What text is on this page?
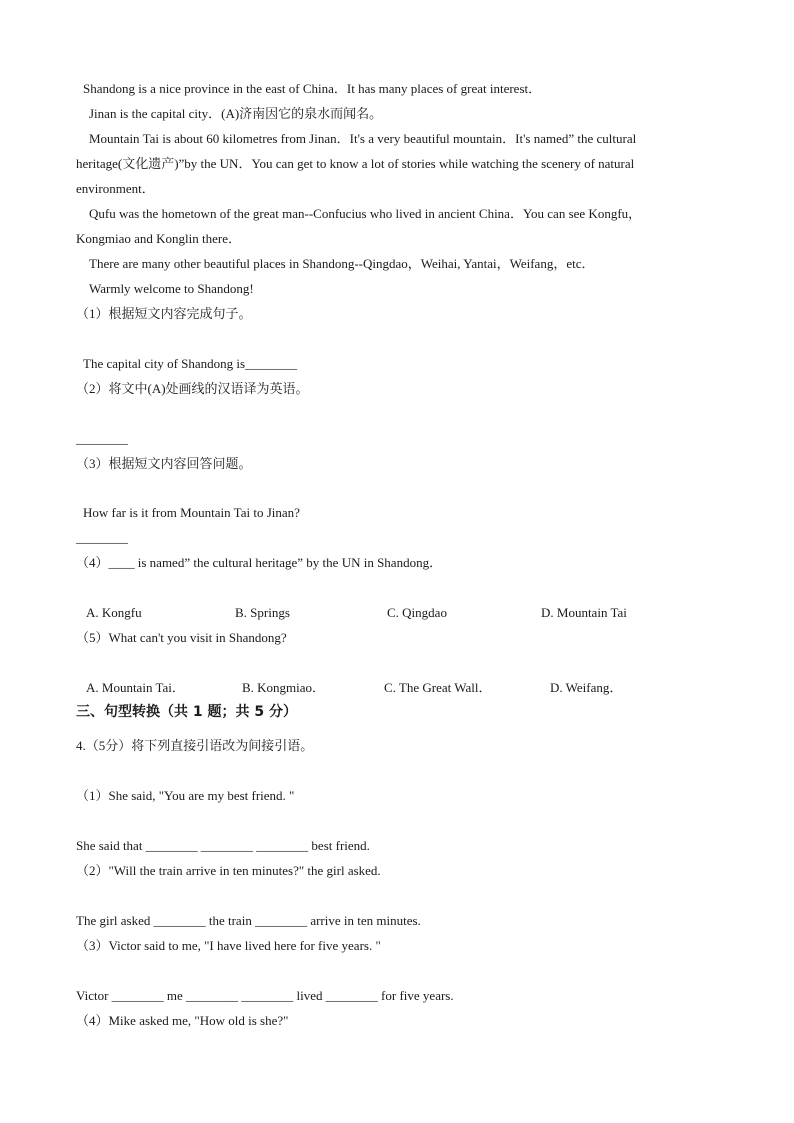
Shandong is a nice province in the east of China．It has many places of great interest．
Jinan is the capital city．(A)济南因它的泉水而闻名。
Mountain Tai is about 60 kilometres from Jinan．It's a very beautiful mountain．It's named” the cultural
heritage(文化遗产)”by the UN．You can get to know a lot of stories while watching the scenery of natural
environment．
Qufu was the hometown of the great man--Confucius who lived in ancient China．You can see Kongfu，
Kongmiao and Konglin there．
There are many other beautiful places in Shandong--Qingdao，Weihai, Yantai，Weifang，etc．
Warmly welcome to Shandong!
（1）根据短文内容完成句子。
The capital city of Shandong is________
（2）将文中(A)处画线的汉语译为英语。
________
（3）根据短文内容回答问题。
How far is it from Mountain Tai to Jinan?
________
（4）____ is named” the cultural heritage” by the UN in Shandong．
A. Kongfu	B. Springs	C. Qingdao	D. Mountain Tai
（5）What can't you visit in Shandong?
A. Mountain Tai．	B. Kongmiao．	C. The Great Wall．	D. Weifang．
三、句型转换（共 1 题；共 5 分）
4.（5分）将下列直接引语改为间接引语。
（1）She said, "You are my best friend. "
She said that ________ ________ ________ best friend.
（2）"Will the train arrive in ten minutes?" the girl asked.
The girl asked ________ the train ________ arrive in ten minutes.
（3）Victor said to me, "I have lived here for five years. "
Victor ________ me ________ ________ lived ________ for five years.
（4）Mike asked me, "How old is she?"
